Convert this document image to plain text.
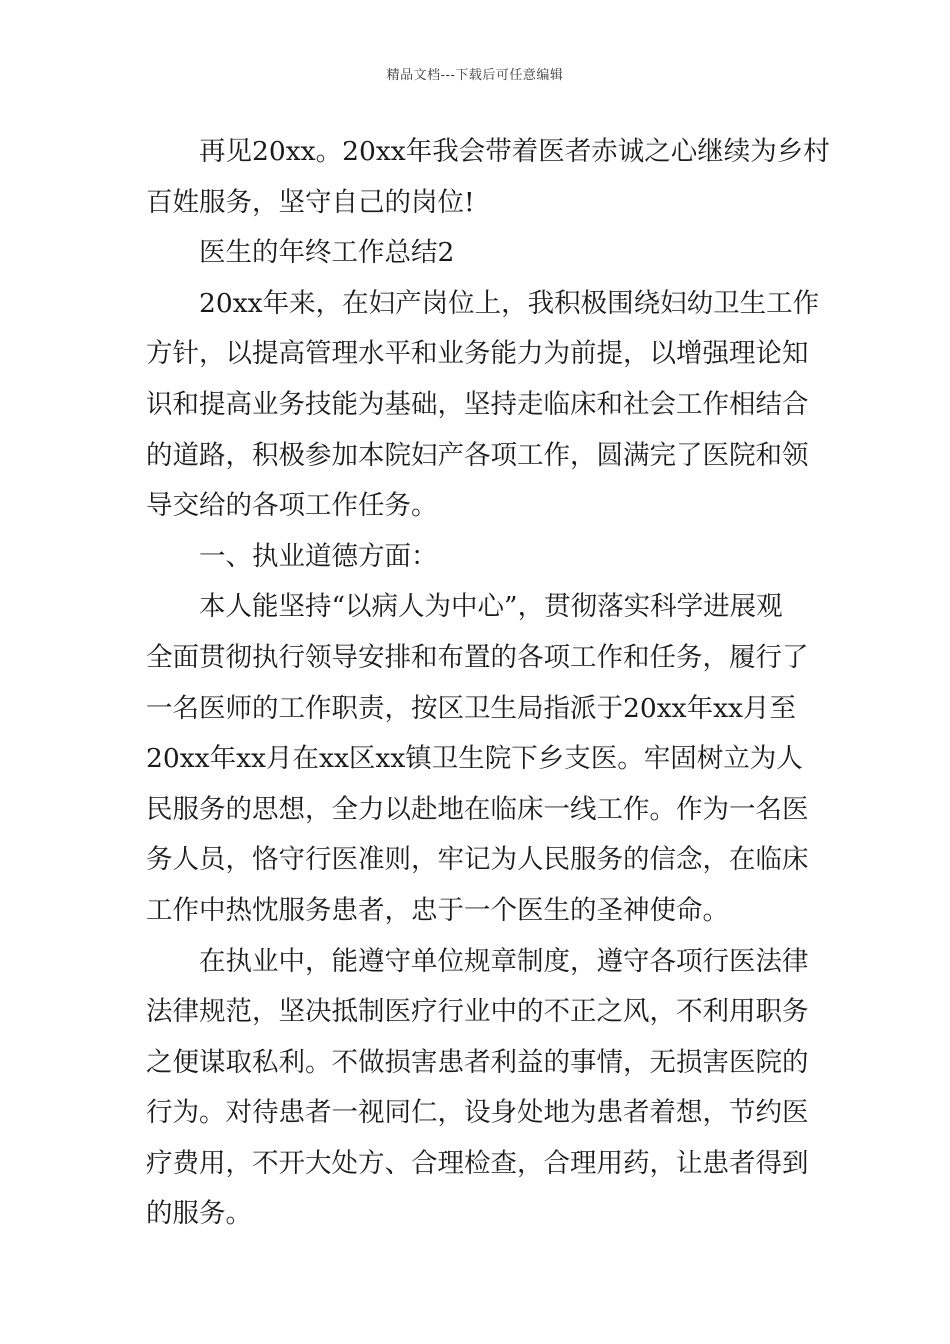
精品文档---下载后可任意编辑
再见20xx。20xx年我会带着医者赤诚之心继续为乡村
百姓服务，坚守自己的岗位!
医生的年终工作总结2
20xx年来，在妇产岗位上，我积极围绕妇幼卫生工作
方针，以提高管理水平和业务能力为前提，以增强理论知
识和提高业务技能为基础，坚持走临床和社会工作相结合
的道路，积极参加本院妇产各项工作，圆满完了医院和领
导交给的各项工作任务。
一、执业道德方面：
本人能坚持“以病人为中心”，贯彻落实科学进展观
全面贯彻执行领导安排和布置的各项工作和任务，履行了
一名医师的工作职责，按区卫生局指派于20xx年xx月至
20xx年xx月在xx区xx镇卫生院下乡支医。牢固树立为人
民服务的思想，全力以赴地在临床一线工作。作为一名医
务人员，恪守行医准则，牢记为人民服务的信念，在临床
工作中热忱服务患者，忠于一个医生的圣神使命。
在执业中，能遵守单位规章制度，遵守各项行医法律
法律规范，坚决抵制医疗行业中的不正之风，不利用职务
之便谋取私利。不做损害患者利益的事情，无损害医院的
行为。对待患者一视同仁，设身处地为患者着想，节约医
疗费用，不开大处方、合理检查，合理用药，让患者得到
的服务。
